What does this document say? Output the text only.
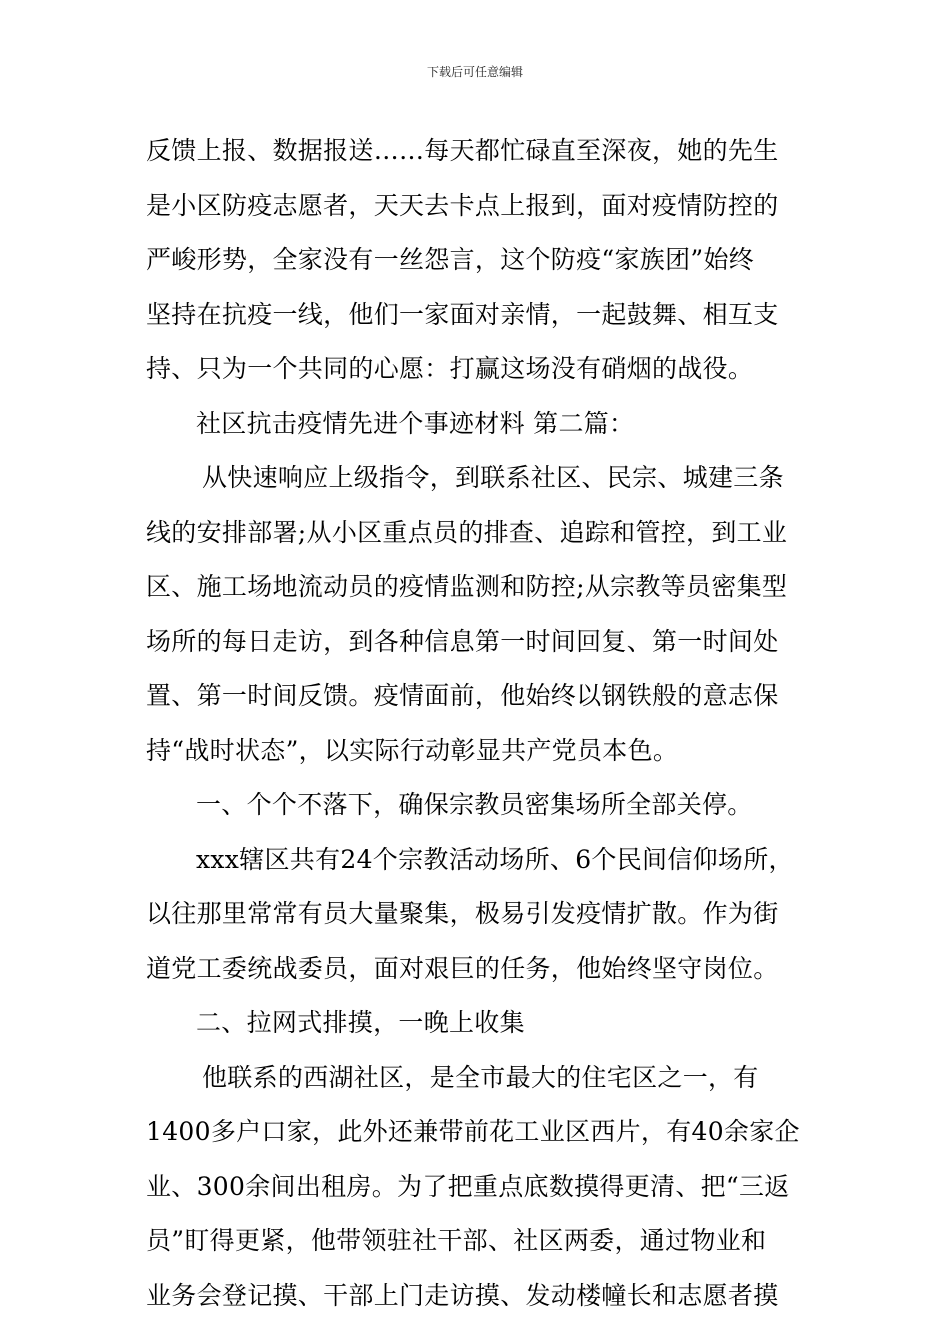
下载后可任意编辑

反馈上报、数据报送……每天都忙碌直至深夜，她的先生
是小区防疫志愿者，天天去卡点上报到，面对疫情防控的
严峻形势，全家没有一丝怨言，这个防疫“家族团”始终
坚持在抗疫一线，他们一家面对亲情，一起鼓舞、相互支
持、只为一个共同的心愿：打赢这场没有硝烟的战役。

社区抗击疫情先进个事迹材料 第二篇：

从快速响应上级指令，到联系社区、民宗、城建三条
线的安排部署;从小区重点员的排查、追踪和管控，到工业
区、施工场地流动员的疫情监测和防控;从宗教等员密集型
场所的每日走访，到各种信息第一时间回复、第一时间处
置、第一时间反馈。疫情面前，他始终以钢铁般的意志保
持“战时状态”，以实际行动彰显共产党员本色。

一、个个不落下，确保宗教员密集场所全部关停。

xxx辖区共有24个宗教活动场所、6个民间信仰场所，
以往那里常常有员大量聚集，极易引发疫情扩散。作为街
道党工委统战委员，面对艰巨的任务，他始终坚守岗位。

二、拉网式排摸，一晚上收集

他联系的西湖社区，是全市最大的住宅区之一，有
1400多户口家，此外还兼带前花工业区西片，有40余家企
业、300余间出租房。为了把重点底数摸得更清、把“三返
员”盯得更紧，他带领驻社干部、社区两委，通过物业和
业务会登记摸、干部上门走访摸、发动楼幢长和志愿者摸
